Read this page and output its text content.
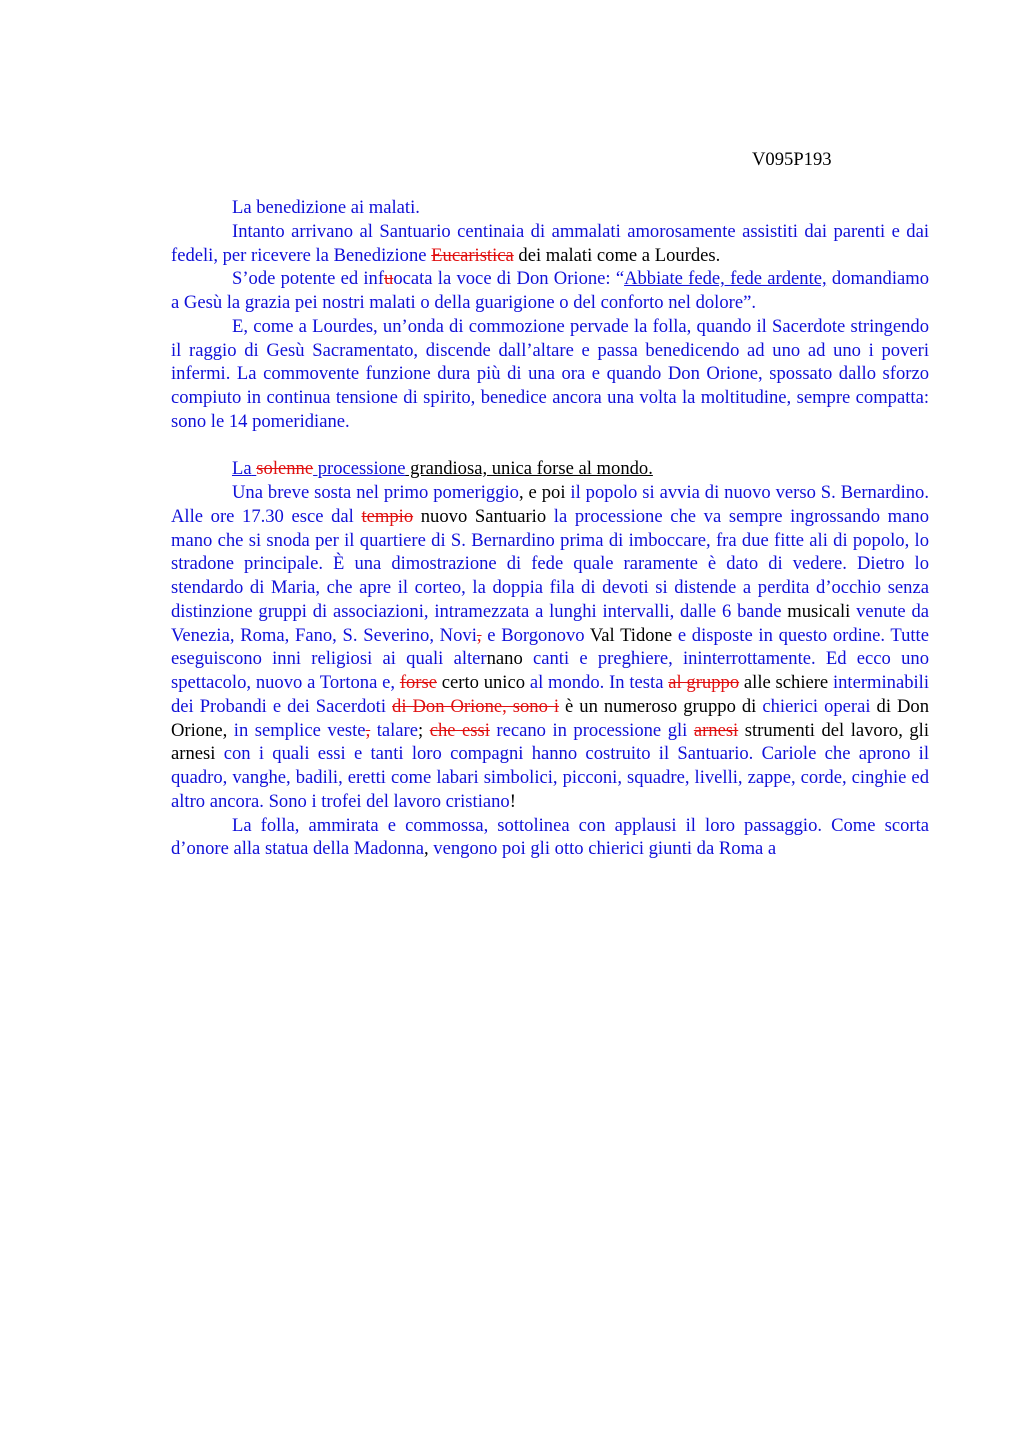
V095P193

La benedizione ai malati.

Intanto arrivano al Santuario centinaia di ammalati amorosamente assistiti dai parenti e dai fedeli, per ricevere la Benedizione Eucaristica dei malati come a Lourdes.

S’ode potente ed infuocata la voce di Don Orione: “Abbiate fede, fede ardente, domandiamo a Gesù la grazia pei nostri malati o della guarigione o del conforto nel dolore”.

E, come a Lourdes, un’onda di commozione pervade la folla, quando il Sacerdote stringendo il raggio di Gesù Sacramentato, discende dall’altare e passa benedicendo ad uno ad uno i poveri infermi. La commovente funzione dura più di una ora e quando Don Orione, spossato dallo sforzo compiuto in continua tensione di spirito, benedice ancora una volta la moltitudine, sempre compatta: sono le 14 pomeridiane.

La solenne processione grandiosa, unica forse al mondo.

Una breve sosta nel primo pomeriggio, e poi il popolo si avvia di nuovo verso S. Bernardino. Alle ore 17.30 esce dal tempio nuovo Santuario la processione che va sempre ingrossando mano mano che si snoda per il quartiere di S. Bernardino prima di imboccare, fra due fitte ali di popolo, lo stradone principale. È una dimostrazione di fede quale raramente è dato di vedere. Dietro lo stendardo di Maria, che apre il corteo, la doppia fila di devoti si distende a perdita d’occhio senza distinzione gruppi di associazioni, intramezzata a lunghi intervalli, dalle 6 bande musicali venute da Venezia, Roma, Fano, S. Severino, Novi, e Borgonovo Val Tidone e disposte in questo ordine. Tutte eseguiscono inni religiosi ai quali alternano canti e preghiere, ininterrottamente. Ed ecco uno spettacolo, nuovo a Tortona e, forse certo unico al mondo. In testa al gruppo alle schiere interminabili dei Probandi e dei Sacerdoti di Don Orione, sono i è un numeroso gruppo di chierici operai di Don Orione, in semplice veste, talare; che essi recano in processione gli arnesi strumenti del lavoro, gli arnesi con i quali essi e tanti loro compagni hanno costruito il Santuario. Cariole che aprono il quadro, vanghe, badili, eretti come labari simbolici, picconi, squadre, livelli, zappe, corde, cinghie ed altro ancora. Sono i trofei del lavoro cristiano!

La folla, ammirata e commossa, sottolinea con applausi il loro passaggio. Come scorta d’onore alla statua della Madonna, vengono poi gli otto chierici giunti da Roma a
